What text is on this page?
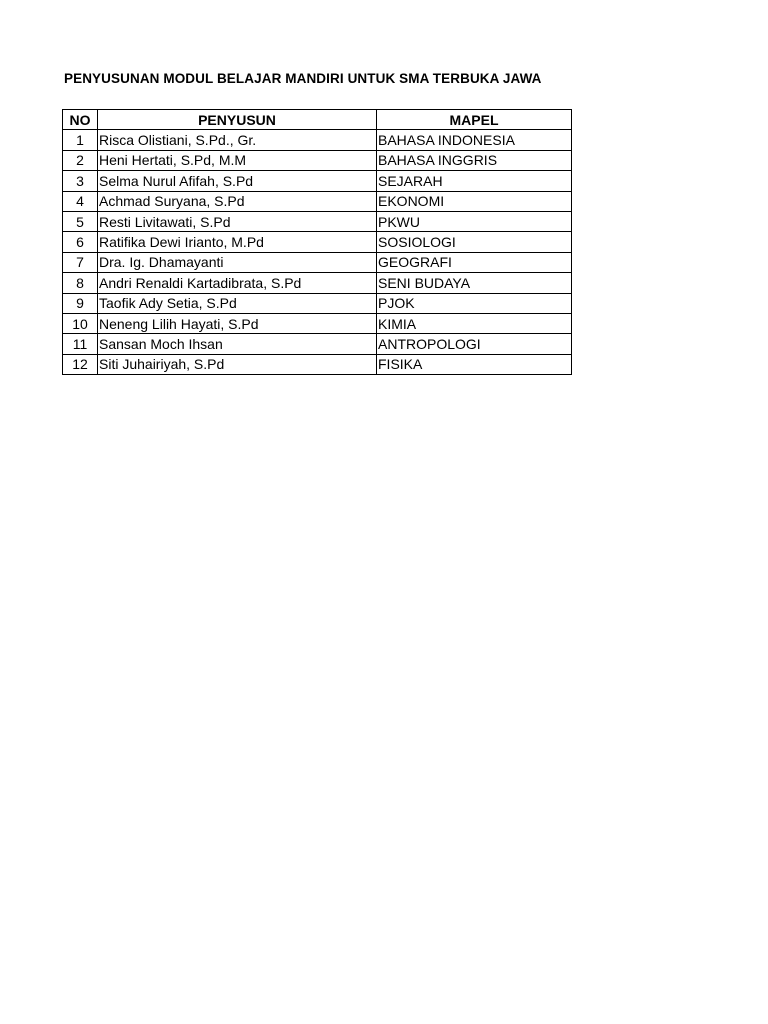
PENYUSUNAN MODUL BELAJAR MANDIRI UNTUK SMA TERBUKA JAWA
NO	PENYUSUN	MAPEL
1	Risca Olistiani, S.Pd., Gr.	BAHASA INDONESIA
2	Heni Hertati, S.Pd, M.M	BAHASA INGGRIS
3	Selma Nurul Afifah, S.Pd	SEJARAH
4	Achmad Suryana, S.Pd	EKONOMI
5	Resti Livitawati, S.Pd	PKWU
6	Ratifika Dewi Irianto, M.Pd	SOSIOLOGI
7	Dra. Ig. Dhamayanti	GEOGRAFI
8	Andri Renaldi Kartadibrata, S.Pd	SENI BUDAYA
9	Taofik Ady Setia, S.Pd	PJOK
10	Neneng Lilih Hayati, S.Pd	KIMIA
11	Sansan Moch Ihsan	ANTROPOLOGI
12	Siti Juhairiyah, S.Pd	FISIKA
